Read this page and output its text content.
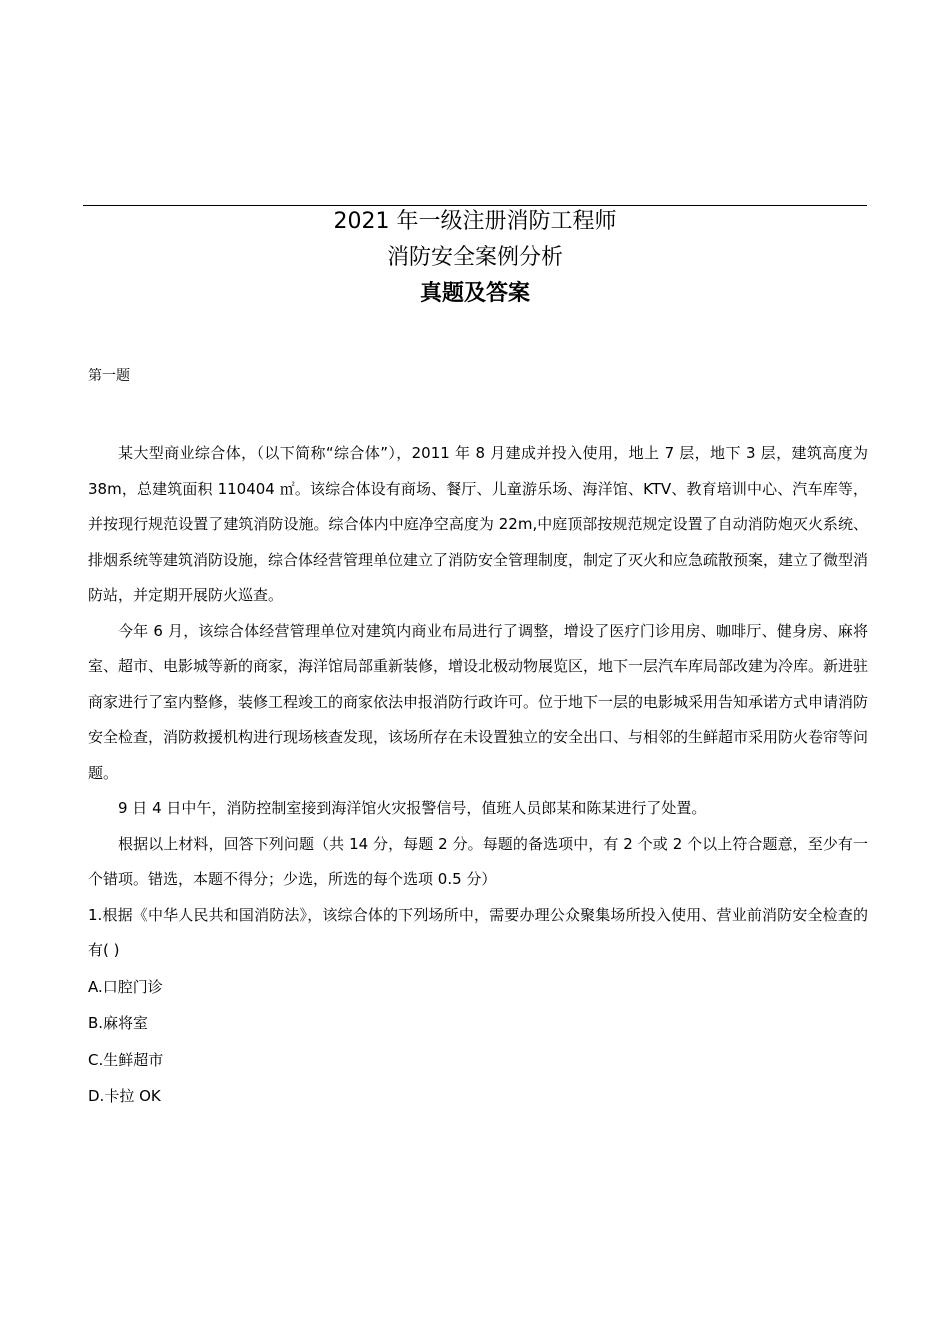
2021 年一级注册消防工程师
消防安全案例分析
真题及答案
第一题

某大型商业综合体，（以下简称“综合体”），2011 年 8 月建成并投入使用，地上 7 层，地下 3 层，建筑高度为 38m，总建筑面积 110404 ㎡。该综合体设有商场、餐厅、儿童游乐场、海洋馆、KTV、教育培训中心、汽车库等，并按现行规范设置了建筑消防设施。综合体内中庭净空高度为 22m,中庭顶部按规范规定设置了自动消防炮灭火系统、排烟系统等建筑消防设施，综合体经营管理单位建立了消防安全管理制度，制定了灭火和应急疏散预案，建立了微型消防站，并定期开展防火巡查。

今年 6 月，该综合体经营管理单位对建筑内商业布局进行了调整，增设了医疗门诊用房、咖啡厅、健身房、麻将室、超市、电影城等新的商家，海洋馆局部重新装修，增设北极动物展览区，地下一层汽车库局部改建为冷库。新进驻商家进行了室内整修，装修工程竣工的商家依法申报消防行政许可。位于地下一层的电影城采用告知承诺方式申请消防安全检查，消防救援机构进行现场核查发现，该场所存在未设置独立的安全出口、与相邻的生鲜超市采用防火卷帘等问题。

9 日 4 日中午，消防控制室接到海洋馆火灾报警信号，值班人员郎某和陈某进行了处置。

根据以上材料，回答下列问题（共 14 分，每题 2 分。每题的备选项中，有 2 个或 2 个以上符合题意，至少有一个错项。错选，本题不得分；少选，所选的每个选项 0.5 分）

1.根据《中华人民共和国消防法》，该综合体的下列场所中，需要办理公众聚集场所投入使用、营业前消防安全检查的有( )

A.口腔门诊

B.麻将室

C.生鲜超市

D.卡拉 OK
